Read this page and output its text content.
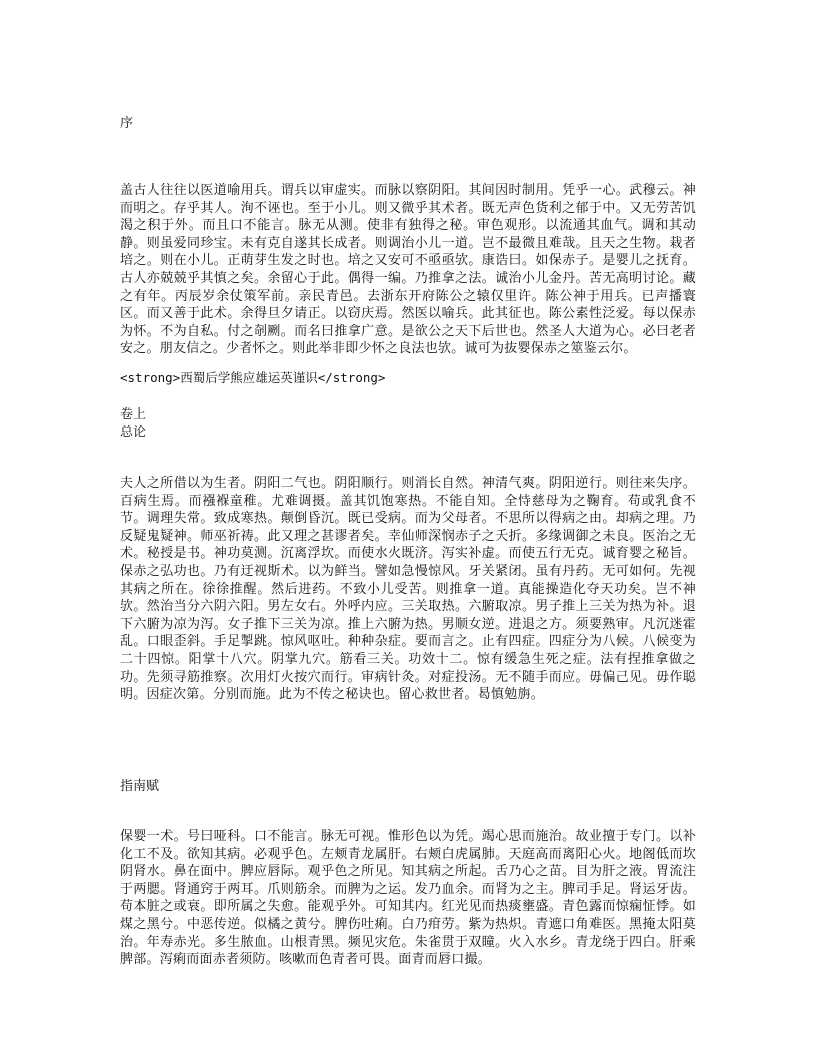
序

盖古人往往以医道喻用兵。谓兵以审虚实。而脉以察阴阳。其间因时制用。凭乎一心。武穆云。神而明之。存乎其人。洵不诬也。至于小儿。则又微乎其术者。既无声色货利之郁于中。又无劳苦饥渴之积于外。而且口不能言。脉无从测。使非有独得之秘。审色观形。以流通其血气。调和其动静。则虽爱同珍宝。未有克自遂其长成者。则调治小儿一道。岂不最微且难哉。且天之生物。栽者培之。则在小儿。正萌芽生发之时也。培之又安可不亟亟欤。康诰曰。如保赤子。是婴儿之抚育。古人亦兢兢乎其慎之矣。余留心于此。偶得一编。乃推拿之法。诚治小儿金丹。苦无高明讨论。藏之有年。丙辰岁余仗策军前。亲民青邑。去浙东开府陈公之辕仅里许。陈公神于用兵。已声播寰区。而又善于此术。余得旦夕请正。以窃庆焉。然医以喻兵。此其征也。陈公素性泛爱。每以保赤为怀。不为自私。付之剞劂。而名曰推拿广意。是欲公之天下后世也。然圣人大道为心。必曰老者安之。朋友信之。少者怀之。则此举非即少怀之良法也欤。诚可为抜婴保赤之筮鉴云尔。

<strong>西蜀后学熊应雄运英谨识</strong>
卷上
总论

夫人之所借以为生者。阴阳二气也。阴阳顺行。则消长自然。神清气爽。阴阳逆行。则往来失序。百病生焉。而襁褓童稚。尤难调摄。盖其饥饱寒热。不能自知。全恃慈母为之鞠育。苟或乳食不节。调理失常。致成寒热。颠倒昏沉。既已受病。而为父母者。不思所以得病之由。却病之理。乃反疑鬼疑神。师巫祈祷。此又理之甚谬者矣。幸仙师深悯赤子之夭折。多缘调御之未良。医治之无术。秘授是书。神功莫测。沉离浮坎。而使水火既济。泻实补虚。而使五行无克。诚育婴之秘旨。保赤之弘功也。乃有迂视斯术。以为鲜当。譬如急慢惊风。牙关紧闭。虽有丹药。无可如何。先视其病之所在。徐徐推醒。然后进药。不致小儿受苦。则推拿一道。真能操造化夺天功矣。岂不神欤。然治当分六阴六阳。男左女右。外呼内应。三关取热。六腑取凉。男子推上三关为热为补。退下六腑为凉为泻。女子推下三关为凉。推上六腑为热。男顺女逆。进退之方。须要熟审。凡沉迷霍乱。口眼歪斜。手足掣跳。惊风呕吐。种种杂症。要而言之。止有四症。四症分为八候。八候变为二十四惊。阳掌十八穴。阴掌九穴。筋看三关。功效十二。惊有缓急生死之症。法有捏推拿做之功。先须寻筋推察。次用灯火按穴而行。审病针灸。对症投汤。无不随手而应。毋偏己见。毋作聪明。因症次第。分别而施。此为不传之秘诀也。留心救世者。曷慎勉旃。

指南赋

保婴一术。号曰哑科。口不能言。脉无可视。惟形色以为凭。竭心思而施治。故业擅于专门。以补化工不及。欲知其病。必观乎色。左颊青龙属肝。右颊白虎属肺。天庭高而离阳心火。地阁低而坎阴肾水。鼻在面中。脾应唇际。观乎色之所见。知其病之所起。舌乃心之苗。目为肝之液。胃流注于两腮。肾通窍于两耳。爪则筋余。而脾为之运。发乃血余。而肾为之主。脾司手足。肾运牙齿。苟本脏之或衰。即所属之失愈。能观乎外。可知其内。红光见而热痰壅盛。青色露而惊痫怔悸。如煤之黑兮。中恶传逆。似橘之黄兮。脾伤吐痢。白乃疳劳。紫为热炽。青遮口角难医。黑掩太阳莫治。年寿赤光。多生脓血。山根青黑。频见灾危。朱雀贯于双瞳。火入水乡。青龙绕于四白。肝乘脾部。泻痢而面赤者须防。咳嗽而色青者可畏。面青而唇口撮。
